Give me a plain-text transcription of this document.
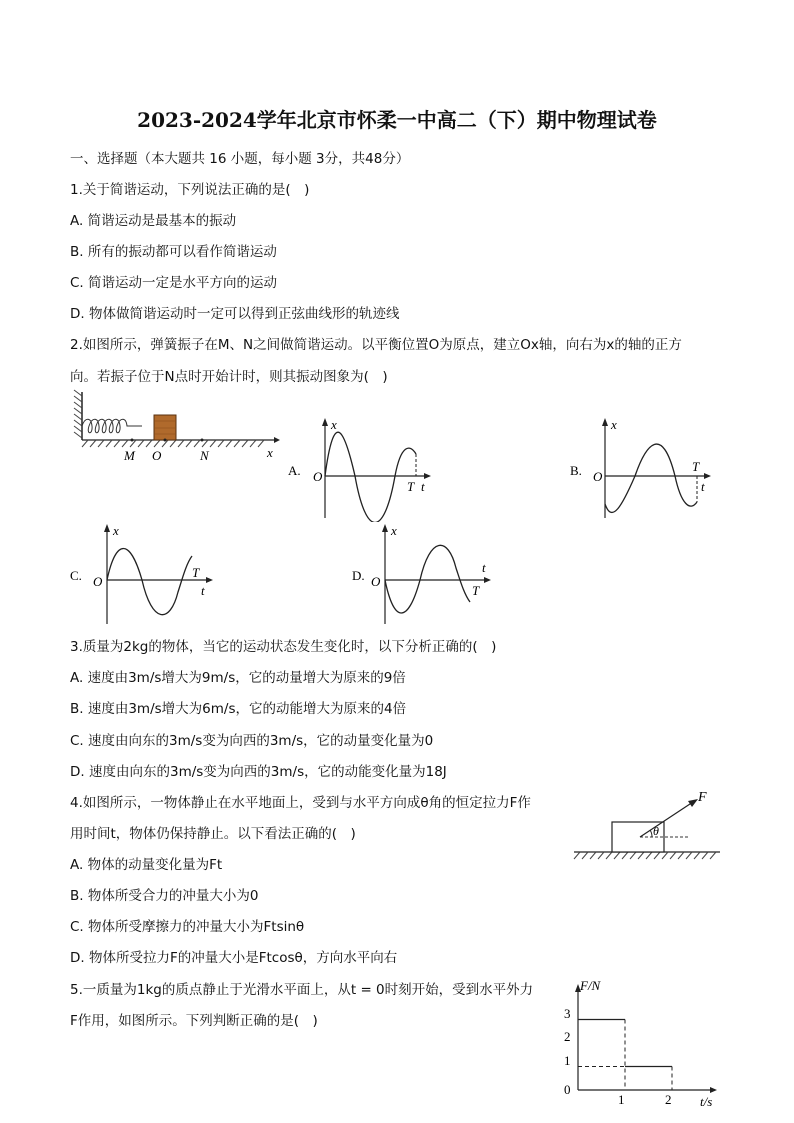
2023-2024学年北京市怀柔一中高二（下）期中物理试卷
一、选择题（本大题共 16 小题，每小题 3分，共48分）
1.关于简谐运动，下列说法正确的是(　)
A. 简谐运动是最基本的振动
B. 所有的振动都可以看作简谐运动
C. 简谐运动一定是水平方向的运动
D. 物体做简谐运动时一定可以得到正弦曲线形的轨迹线
2.如图所示，弹簧振子在M、N之间做简谐运动。以平衡位置O为原点，建立Ox轴，向右为x的轴的正方
向。若振子位于N点时开始计时，则其振动图象为(　)
M O	N	x
A.
x
O
T t
B.
x
O
T
t
C.
x
O
T
t
D.
x
O
T
t
3.质量为2kg的物体，当它的运动状态发生变化时，以下分析正确的(　)
A. 速度由3m/s增大为9m/s，它的动量增大为原来的9倍
B. 速度由3m/s增大为6m/s，它的动能增大为原来的4倍
C. 速度由向东的3m/s变为向西的3m/s，它的动量变化量为0
D. 速度由向东的3m/s变为向西的3m/s，它的动能变化量为18J
4.如图所示，一物体静止在水平地面上，受到与水平方向成θ角的恒定拉力F作
用时间t，物体仍保持静止。以下看法正确的(　)
A. 物体的动量变化量为Ft
B. 物体所受合力的冲量大小为0
C. 物体所受摩擦力的冲量大小为Ftsinθ
D. 物体所受拉力F的冲量大小是Ftcosθ，方向水平向右
θ
F
5.一质量为1kg的质点静止于光滑水平面上，从t = 0时刻开始，受到水平外力
F作用，如图所示。下列判断正确的是(　)
F/N
t/s
3
1
2
0
1	2
